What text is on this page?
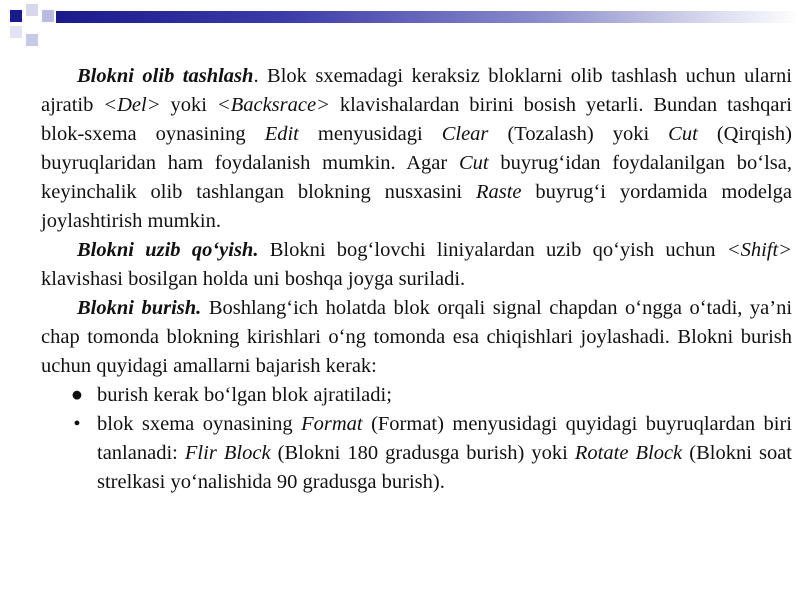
Blokni olib tashlash. Blok sxemadagi keraksiz bloklarni olib tashlash uchun ularni ajratib <Del> yoki <Backsrace> klavishalardan birini bosish yetarli. Bundan tashqari blok-sxema oynasining Edit menyusidagi Clear (Tozalash) yoki Cut (Qirqish) buyruqlaridan ham foydalanish mumkin. Agar Cut buyrug‘idan foydalanilgan bo‘lsa, keyinchalik olib tashlangan blokning nusxasini Raste buyrug‘i yordamida modelga joylashtirish mumkin.

Blokni uzib qo‘yish. Blokni bog‘lovchi liniyalardan uzib qo‘yish uchun <Shift> klavishasi bosilgan holda uni boshqa joyga suriladi.

Blokni burish. Boshlang‘ich holatda blok orqali signal chapdan o‘ngga o‘tadi, ya’ni chap tomonda blokning kirishlari o‘ng tomonda esa chiqishlari joylashadi. Blokni burish uchun quyidagi amallarni bajarish kerak:

● burish kerak bo‘lgan blok ajratiladi;
• blok sxema oynasining Format (Format) menyusidagi quyidagi buyruqlardan biri tanlanadi: Flir Block (Blokni 180 gradusga burish) yoki Rotate Block (Blokni soat strelkasi yo‘nalishida 90 gradusga burish).
